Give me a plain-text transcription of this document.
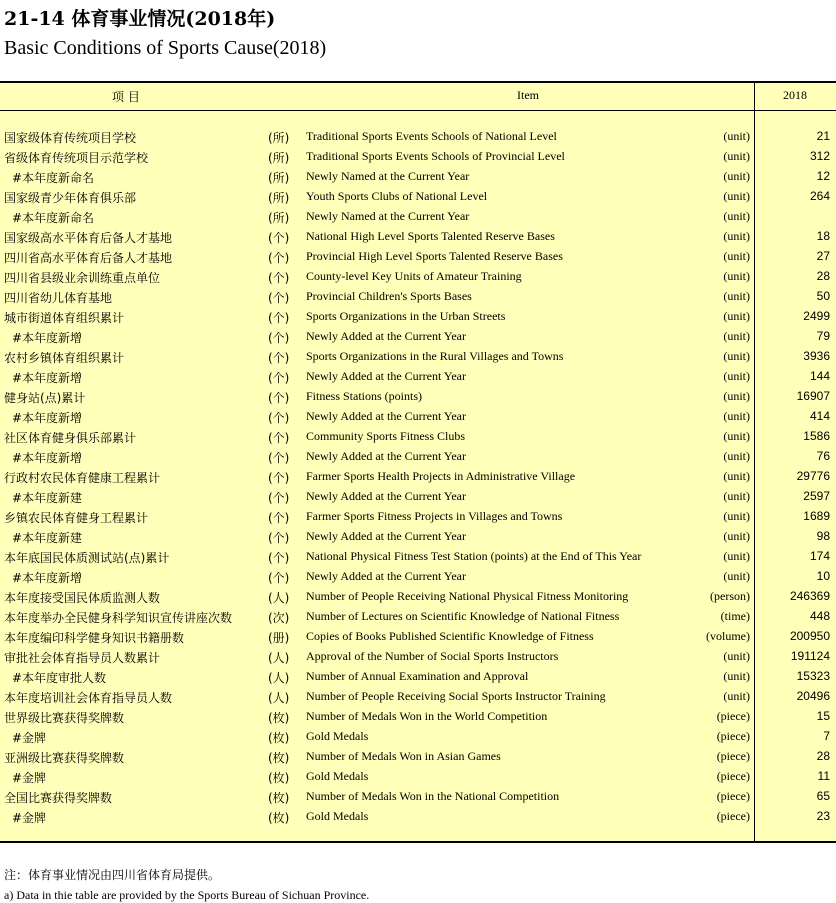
21-14 体育事业情况(2018年)
Basic Conditions of Sports Cause(2018)
项 目	Item	2018
国家级体育传统项目学校	(所) Traditional Sports Events Schools of National Level	(unit)	21
省级体育传统项目示范学校	(所) Traditional Sports Events Schools of Provincial Level	(unit)	312
#本年度新命名	(所) Newly Named at the Current Year	(unit)	12
国家级青少年体育俱乐部	(所) Youth Sports Clubs of National Level	(unit)	264
#本年度新命名	(所) Newly Named at the Current Year	(unit)
国家级高水平体育后备人才基地	(个) National High Level Sports Talented Reserve Bases	(unit)	18
四川省高水平体育后备人才基地	(个) Provincial High Level Sports Talented Reserve Bases	(unit)	27
四川省县级业余训练重点单位	(个) County-level Key Units of Amateur Training	(unit)	28
四川省幼儿体育基地	(个) Provincial Children's Sports Bases	(unit)	50
城市街道体育组织累计	(个) Sports Organizations in the Urban Streets	(unit)	2499
#本年度新增	(个) Newly Added at the Current Year	(unit)	79
农村乡镇体育组织累计	(个) Sports Organizations in the Rural Villages and Towns	(unit)	3936
#本年度新增	(个) Newly Added at the Current Year	(unit)	144
健身站(点)累计	(个) Fitness Stations (points)	(unit)	16907
#本年度新增	(个) Newly Added at the Current Year	(unit)	414
社区体育健身俱乐部累计	(个) Community Sports Fitness Clubs	(unit)	1586
#本年度新增	(个) Newly Added at the Current Year	(unit)	76
行政村农民体育健康工程累计	(个) Farmer Sports Health Projects in Administrative Village	(unit)	29776
#本年度新建	(个) Newly Added at the Current Year	(unit)	2597
乡镇农民体育健身工程累计	(个) Farmer Sports Fitness Projects in Villages and Towns	(unit)	1689
#本年度新建	(个) Newly Added at the Current Year	(unit)	98
本年底国民体质测试站(点)累计	(个) National Physical Fitness Test Station (points) at the End of This Year	(unit)	174
#本年度新增	(个) Newly Added at the Current Year	(unit)	10
本年度接受国民体质监测人数	(人) Number of People Receiving National Physical Fitness Monitoring	(person)	246369
本年度举办全民健身科学知识宣传讲座次数	(次) Number of Lectures on Scientific Knowledge of National Fitness	(time)	448
本年度编印科学健身知识书籍册数	(册) Copies of Books Published Scientific Knowledge of Fitness	(volume)	200950
审批社会体育指导员人数累计	(人) Approval of the Number of Social Sports Instructors	(unit)	191124
#本年度审批人数	(人) Number of Annual Examination and Approval	(unit)	15323
本年度培训社会体育指导员人数	(人) Number of People Receiving Social Sports Instructor Training	(unit)	20496
世界级比赛获得奖牌数	(枚) Number of Medals Won in the World Competition	(piece)	15
#金牌	(枚) Gold Medals	(piece)	7
亚洲级比赛获得奖牌数	(枚) Number of Medals Won in Asian Games	(piece)	28
#金牌	(枚) Gold Medals	(piece)	11
全国比赛获得奖牌数	(枚) Number of Medals Won in the National Competition	(piece)	65
#金牌	(枚) Gold Medals	(piece)	23
注：体育事业情况由四川省体育局提供。
a) Data in thie table are provided by the Sports Bureau of Sichuan Province.
